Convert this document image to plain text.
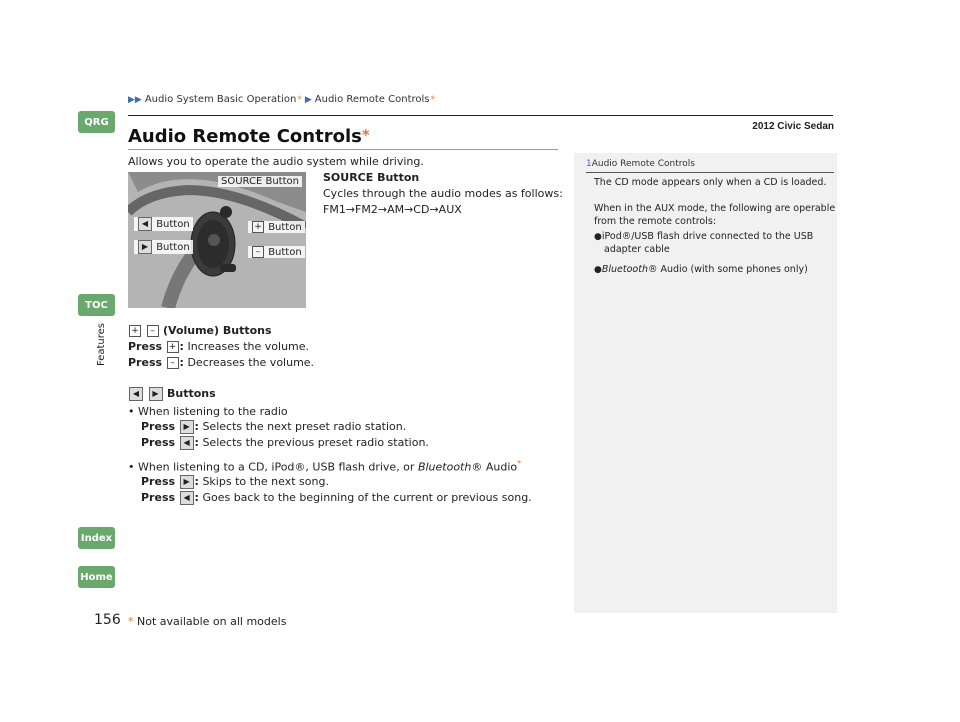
▶▶ Audio System Basic Operation * ▶ Audio Remote Controls *
2012 Civic Sedan
QRG
TOC
Features
Index
Home
Audio Remote Controls*
Allows you to operate the audio system while driving.
SOURCE Button
◀ Button
▶ Button
+ Button
– Button
SOURCE Button
Cycles through the audio modes as follows:
FM1→FM2→AM→CD→AUX
+ – (Volume) Buttons
Press + : Increases the volume.
Press – : Decreases the volume.
◀ ▶ Buttons
• When listening to the radio
Press ▶ : Selects the next preset radio station.
Press ◀ : Selects the previous preset radio station.
• When listening to a CD, iPod®, USB flash drive, or Bluetooth® Audio*
Press ▶ : Skips to the next song.
Press ◀ : Goes back to the beginning of the current or previous song.
1Audio Remote Controls
The CD mode appears only when a CD is loaded.
When in the AUX mode, the following are operable
from the remote controls:
●iPod®/USB flash drive connected to the USB
adapter cable
●Bluetooth® Audio (with some phones only)
156 * Not available on all models
